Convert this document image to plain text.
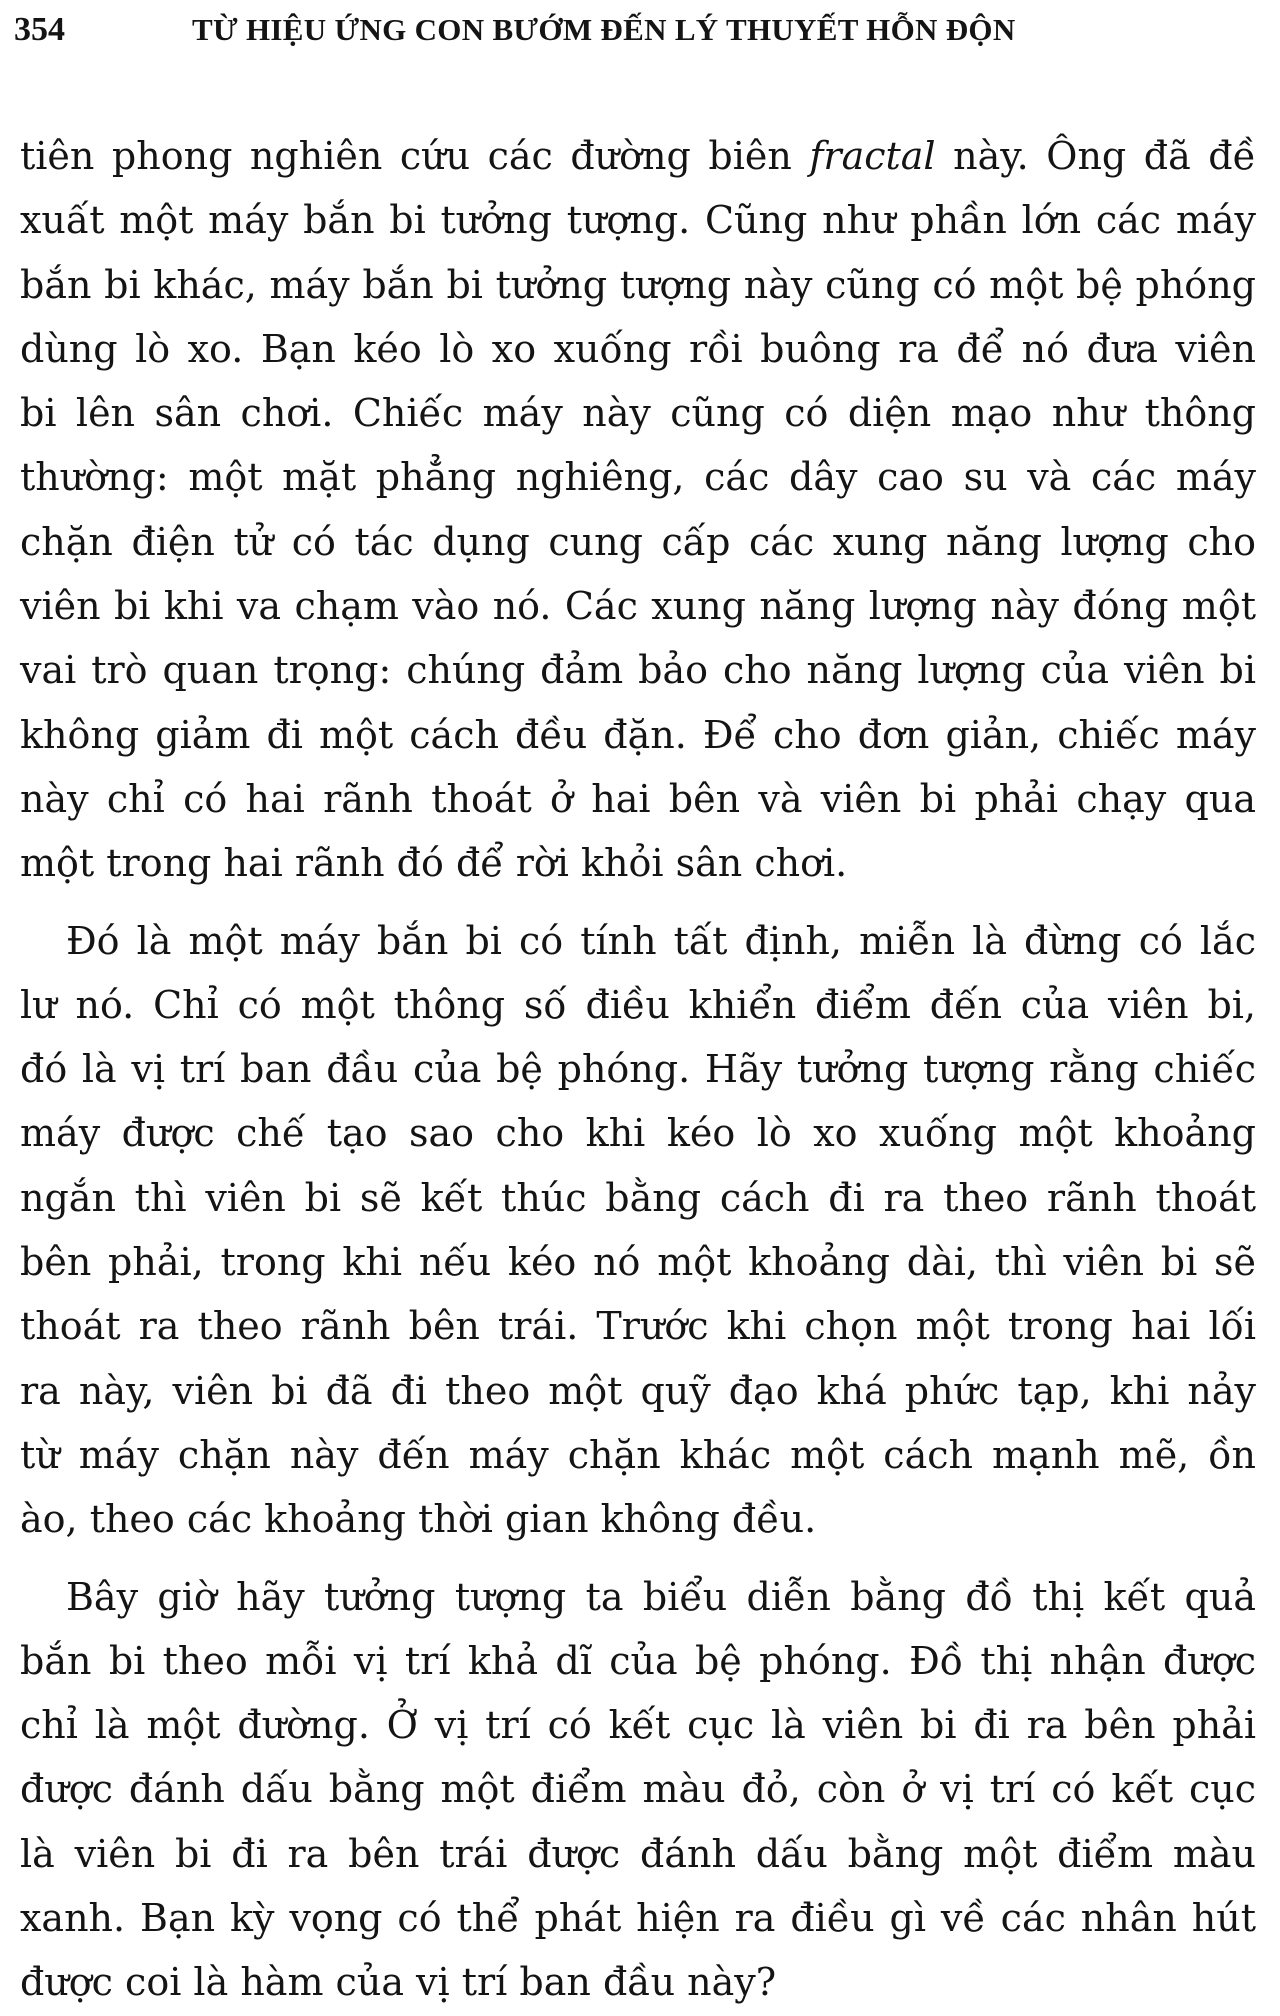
354	TỪ HIỆU ỨNG CON BƯỚM ĐẾN LÝ THUYẾT HỖN ĐỘN
tiên phong nghiên cứu các đường biên fractal này. Ông đã đề
xuất một máy bắn bi tưởng tượng. Cũng như phần lớn các máy
bắn bi khác, máy bắn bi tưởng tượng này cũng có một bệ phóng
dùng lò xo. Bạn kéo lò xo xuống rồi buông ra để nó đưa viên
bi lên sân chơi. Chiếc máy này cũng có diện mạo như thông
thường: một mặt phẳng nghiêng, các dây cao su và các máy
chặn điện tử có tác dụng cung cấp các xung năng lượng cho
viên bi khi va chạm vào nó. Các xung năng lượng này đóng một
vai trò quan trọng: chúng đảm bảo cho năng lượng của viên bi
không giảm đi một cách đều đặn. Để cho đơn giản, chiếc máy
này chỉ có hai rãnh thoát ở hai bên và viên bi phải chạy qua
một trong hai rãnh đó để rời khỏi sân chơi.
Đó là một máy bắn bi có tính tất định, miễn là đừng có lắc
lư nó. Chỉ có một thông số điều khiển điểm đến của viên bi,
đó là vị trí ban đầu của bệ phóng. Hãy tưởng tượng rằng chiếc
máy được chế tạo sao cho khi kéo lò xo xuống một khoảng
ngắn thì viên bi sẽ kết thúc bằng cách đi ra theo rãnh thoát
bên phải, trong khi nếu kéo nó một khoảng dài, thì viên bi sẽ
thoát ra theo rãnh bên trái. Trước khi chọn một trong hai lối
ra này, viên bi đã đi theo một quỹ đạo khá phức tạp, khi nảy
từ máy chặn này đến máy chặn khác một cách mạnh mẽ, ồn
ào, theo các khoảng thời gian không đều.
Bây giờ hãy tưởng tượng ta biểu diễn bằng đồ thị kết quả
bắn bi theo mỗi vị trí khả dĩ của bệ phóng. Đồ thị nhận được
chỉ là một đường. Ở vị trí có kết cục là viên bi đi ra bên phải
được đánh dấu bằng một điểm màu đỏ, còn ở vị trí có kết cục
là viên bi đi ra bên trái được đánh dấu bằng một điểm màu
xanh. Bạn kỳ vọng có thể phát hiện ra điều gì về các nhân hút
được coi là hàm của vị trí ban đầu này?
